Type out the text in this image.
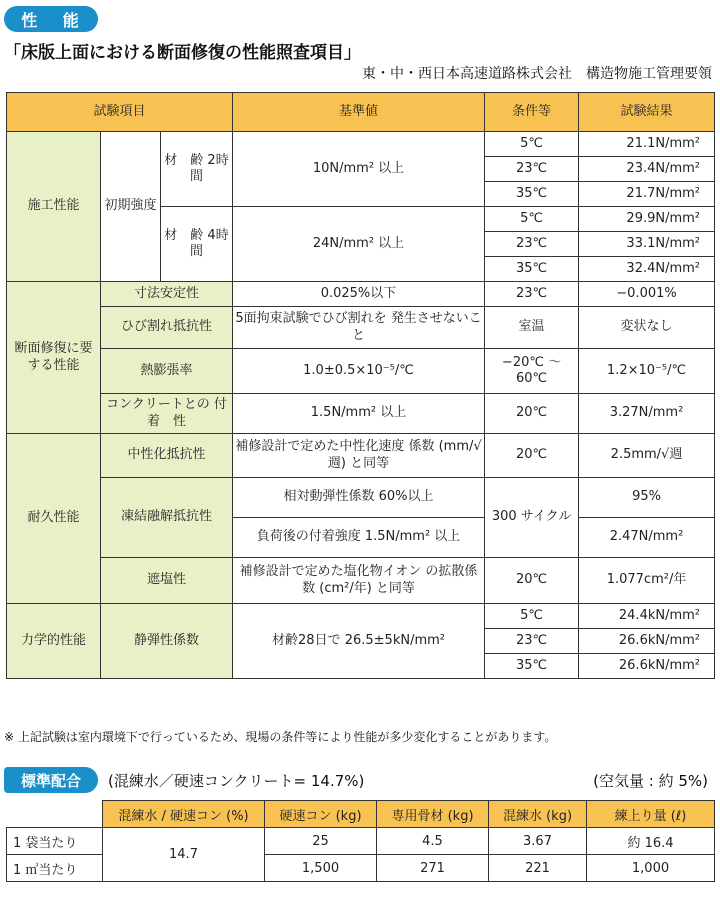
性 能
「床版上面における断面修復の性能照査項目」
東・中・西日本高速道路株式会社　構造物施工管理要領
試験項目			基準値	条件等	試験結果
施工性能	初期強度	材　齢 2時間	10N/mm² 以上	5℃	21.1N/mm²
				23℃	23.4N/mm²
				35℃	21.7N/mm²
		材　齢 4時間	24N/mm² 以上	5℃	29.9N/mm²
				23℃	33.1N/mm²
				35℃	32.4N/mm²
断面修復に要する性能	寸法安定性		0.025%以下	23℃	−0.001%
	ひび割れ抵抗性		5面拘束試験でひび割れを 発生させないこと	室温	変状なし
	熱膨張率		1.0±0.5×10⁻⁵/℃	−20℃ 〜60℃	1.2×10⁻⁵/℃
	コンクリートとの 付　着　性		1.5N/mm² 以上	20℃	3.27N/mm²
耐久性能	中性化抵抗性		補修設計で定めた中性化速度 係数 (mm/√週) と同等	20℃	2.5mm/√週
	凍結融解抵抗性		相対動弾性係数 60%以上	300 サイクル	95%
			負荷後の付着強度 1.5N/mm² 以上		2.47N/mm²
	遮塩性		補修設計で定めた塩化物イオン の拡散係数 (cm²/年) と同等	20℃	1.077cm²/年
力学的性能	静弾性係数		材齢28日で 26.5±5kN/mm²	5℃	24.4kN/mm²
				23℃	26.6kN/mm²
				35℃	26.6kN/mm²
※ 上記試験は室内環境下で行っているため、現場の条件等により性能が多少変化することがあります。
標準配合	(混練水／硬速コンクリート= 14.7%)	(空気量 : 約 5%)
	混練水 / 硬速コン (%)	硬速コン (kg)	専用骨材 (kg)	混練水 (kg)	練上り量 (ℓ)
1 袋当たり	14.7	25	4.5	3.67	約 16.4
1 ㎥当たり		1,500	271	221	1,000
